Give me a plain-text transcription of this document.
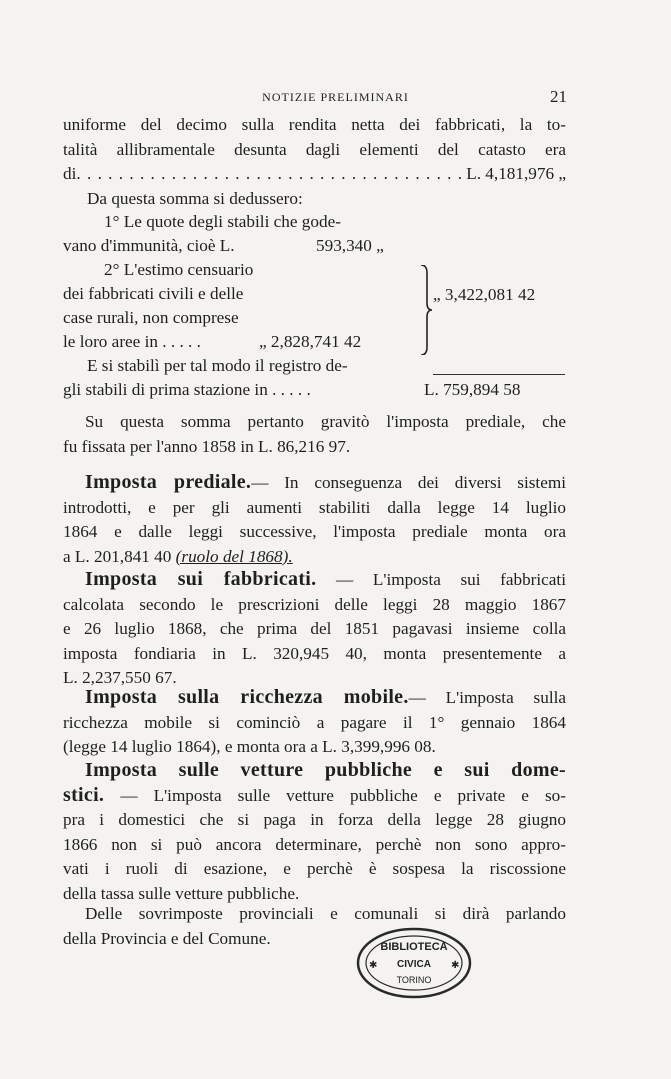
NOTIZIE PRELIMINARI	21
uniforme del decimo sulla rendita netta dei fabbricati, la to-
talità allibramentale desunta dagli elementi del catasto era
di
. . .	L. 4,181,976 „
Da questa somma si dedussero:
1° Le quote degli stabili che gode-
vano d'immunità, cioè L.	593,340 „
2° L'estimo censuario
dei fabbricati civili e delle
case rurali, non comprese
le loro aree in . . . . .	„ 2,828,741 42
„ 3,422,081 42
E si stabilì per tal modo il registro de-
gli stabili di prima stazione in . . . . .	L. 759,894 58
Su questa somma pertanto gravitò l'imposta prediale, che
fu fissata per l'anno 1858 in L. 86,216 97.
Imposta prediale.— In conseguenza dei diversi sistemi
introdotti, e per gli aumenti stabiliti dalla legge 14 luglio
1864 e dalle leggi successive, l'imposta prediale monta ora
a L. 201,841 40 (ruolo del 1868).
Imposta sui fabbricati. — L'imposta sui fabbricati
calcolata secondo le prescrizioni delle leggi 28 maggio 1867
e 26 luglio 1868, che prima del 1851 pagavasi insieme colla
imposta fondiaria in L. 320,945 40, monta presentemente a
L. 2,237,550 67.
Imposta sulla ricchezza mobile.— L'imposta sulla
ricchezza mobile si cominciò a pagare il 1° gennaio 1864
(legge 14 luglio 1864), e monta ora a L. 3,399,996 08.
Imposta sulle vetture pubbliche e sui dome-
stici. — L'imposta sulle vetture pubbliche e private e so-
pra i domestici che si paga in forza della legge 28 giugno
1866 non si può ancora determinare, perchè non sono appro-
vati i ruoli di esazione, e perchè è sospesa la riscossione
della tassa sulle vetture pubbliche.
Delle sovrimposte provinciali e comunali si dirà parlando
della Provincia e del Comune.	BIBLIOTECA
CIVICA
TORINO
✱	✱
